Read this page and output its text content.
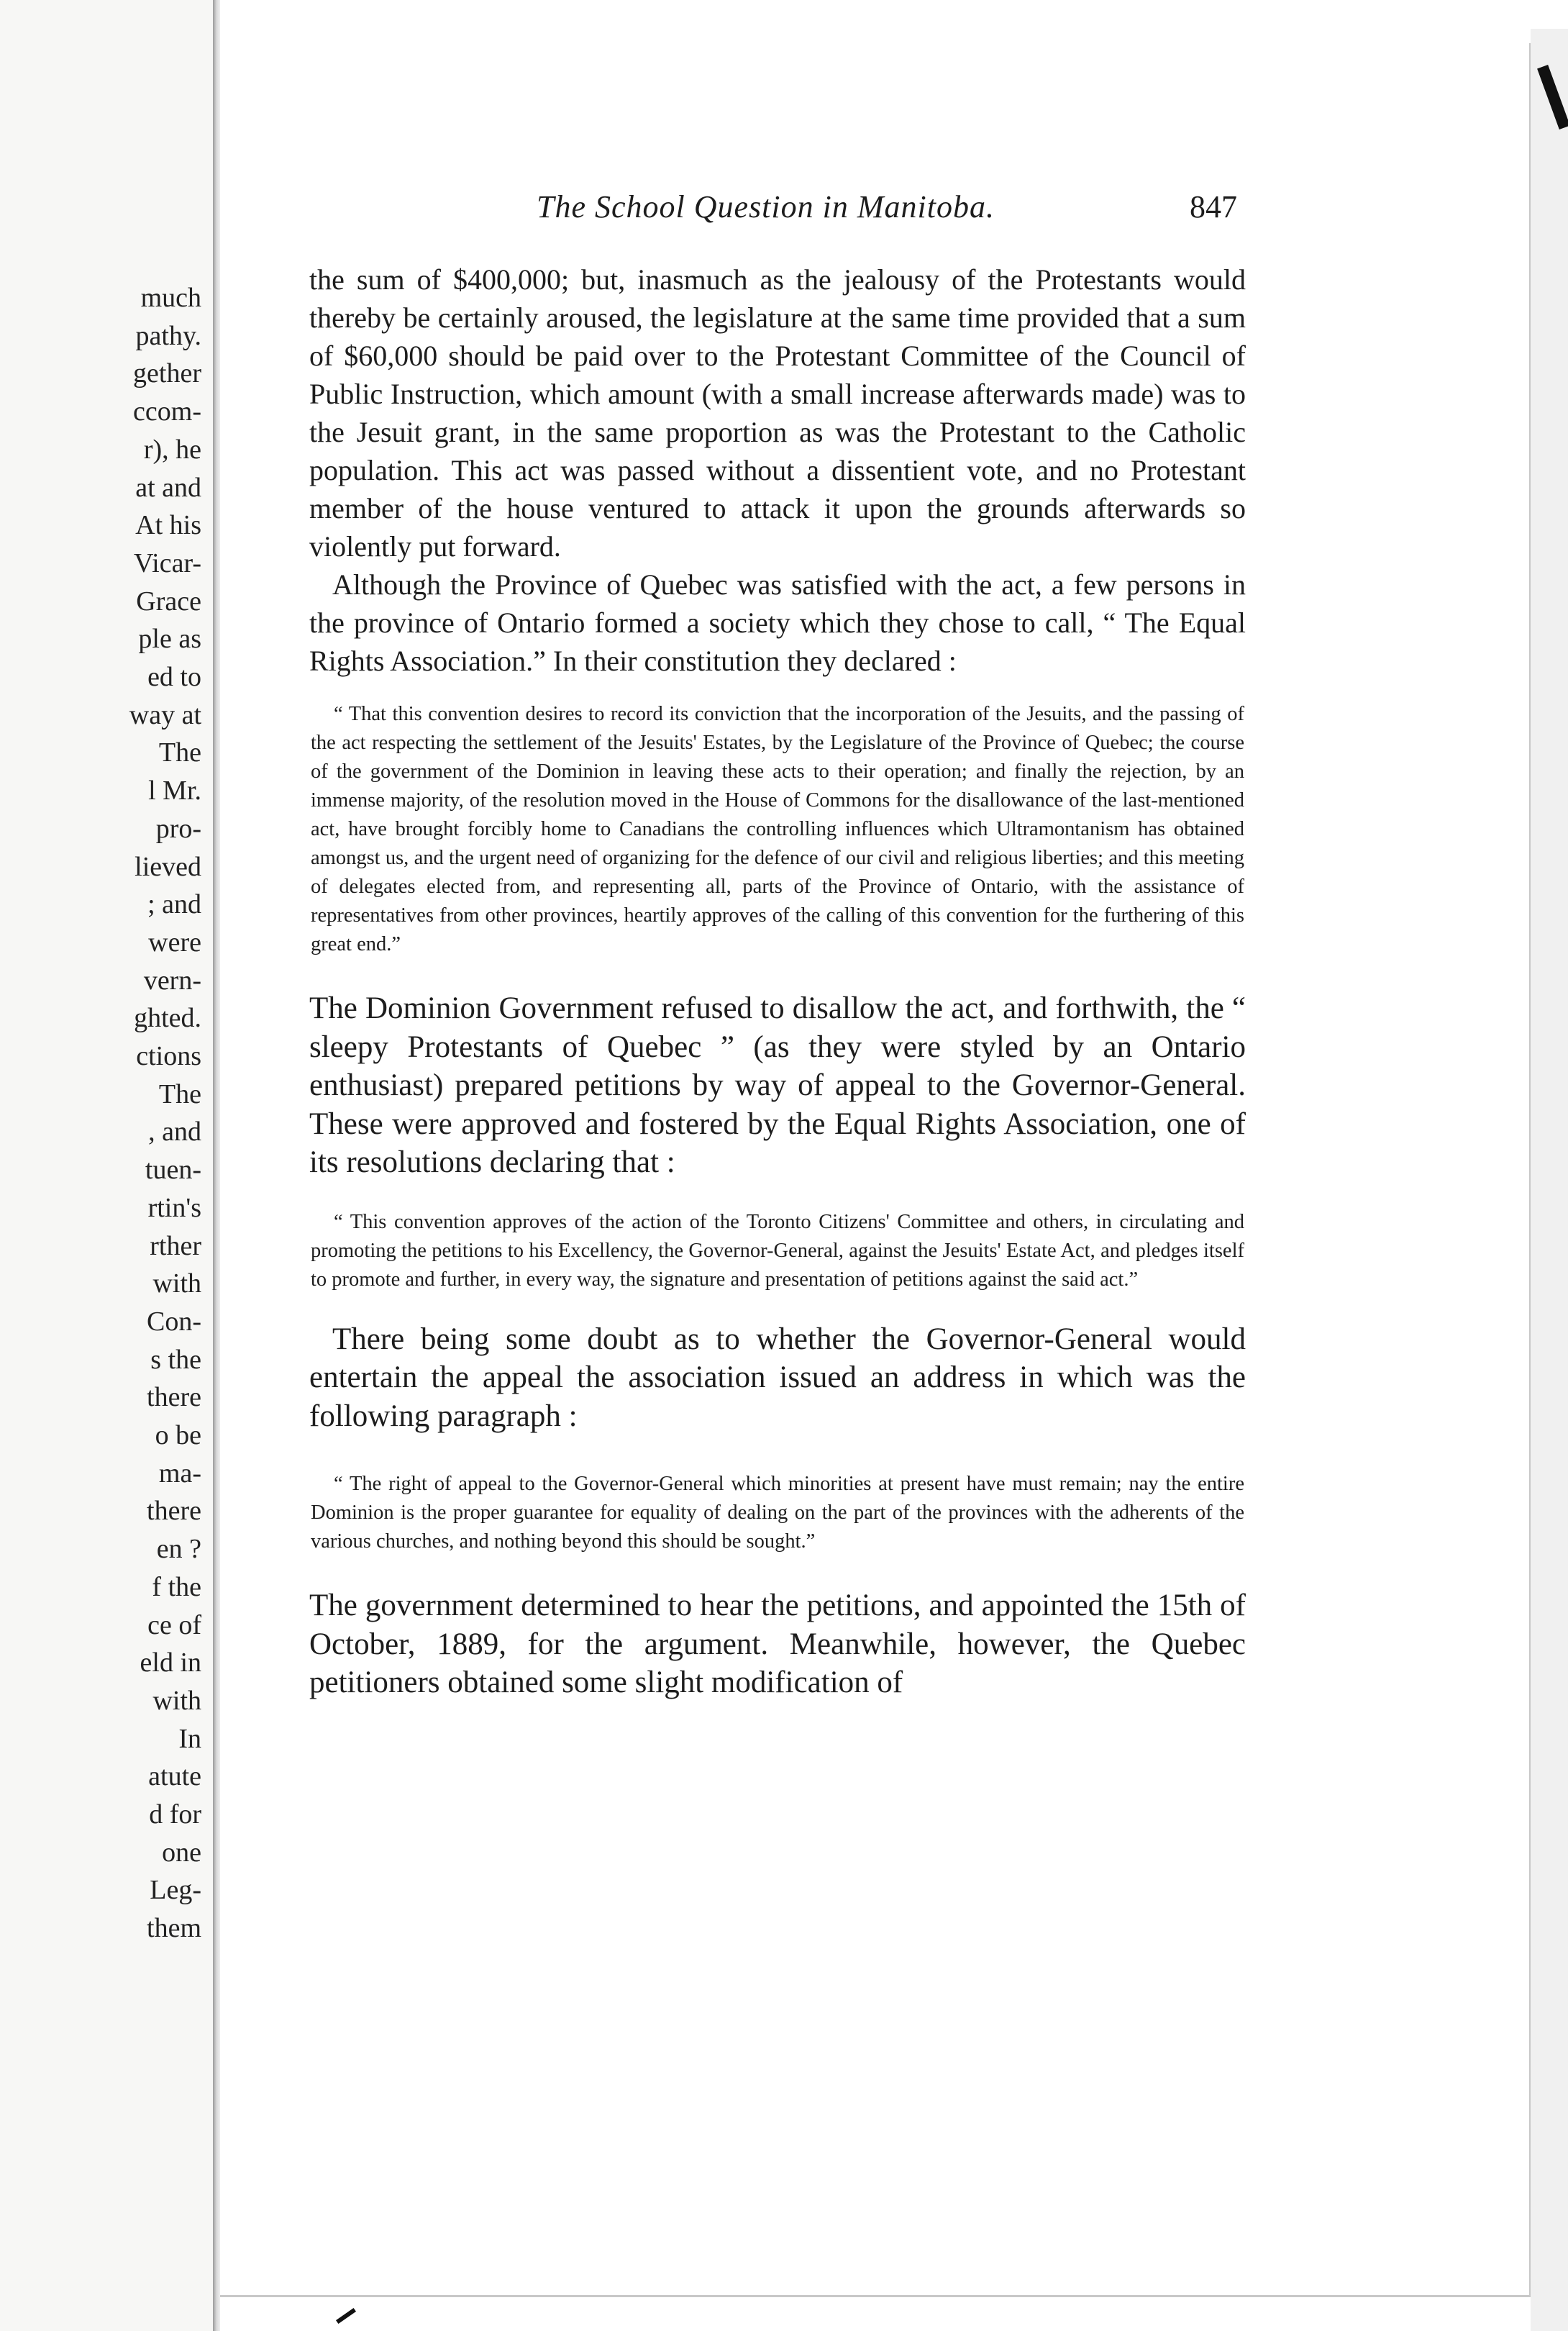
much
pathy.
gether
ccom-
r), he
at and
At his
Vicar-
Grace
ple as
ed to
way at
The
l Mr.
pro-
lieved
; and
were
vern-
ghted.
ctions
The
, and
tuen-
rtin's
rther
with
Con-
s the
there
o be
ma-
there
en ?
f the
ce of
eld in
with
In
atute
d for
one
Leg-
them
The School Question in Manitoba.	847

the sum of $400,000; but, inasmuch as the jealousy of the Protestants would thereby be certainly aroused, the legislature at the same time provided that a sum of $60,000 should be paid over to the Protestant Committee of the Council of Public Instruction, which amount (with a small increase afterwards made) was to the Jesuit grant, in the same proportion as was the Protestant to the Catholic population. This act was passed without a dissentient vote, and no Protestant member of the house ventured to attack it upon the grounds afterwards so violently put forward.

Although the Province of Quebec was satisfied with the act, a few persons in the province of Ontario formed a society which they chose to call, “ The Equal Rights Association.” In their constitution they declared :

“ That this convention desires to record its conviction that the incorporation of the Jesuits, and the passing of the act respecting the settlement of the Jesuits' Estates, by the Legislature of the Province of Quebec; the course of the government of the Dominion in leaving these acts to their operation; and finally the rejection, by an immense majority, of the resolution moved in the House of Commons for the disallowance of the last-mentioned act, have brought forcibly home to Canadians the controlling influences which Ultramontanism has obtained amongst us, and the urgent need of organizing for the defence of our civil and religious liberties; and this meeting of delegates elected from, and representing all, parts of the Province of Ontario, with the assistance of representatives from other provinces, heartily approves of the calling of this convention for the furthering of this great end.”

The Dominion Government refused to disallow the act, and forthwith, the “ sleepy Protestants of Quebec ” (as they were styled by an Ontario enthusiast) prepared petitions by way of appeal to the Governor-General. These were approved and fostered by the Equal Rights Association, one of its resolutions declaring that :

“ This convention approves of the action of the Toronto Citizens' Committee and others, in circulating and promoting the petitions to his Excellency, the Governor-General, against the Jesuits' Estate Act, and pledges itself to promote and further, in every way, the signature and presentation of petitions against the said act.”

There being some doubt as to whether the Governor-General would entertain the appeal the association issued an address in which was the following paragraph :

“ The right of appeal to the Governor-General which minorities at present have must remain; nay the entire Dominion is the proper guarantee for equality of dealing on the part of the provinces with the adherents of the various churches, and nothing beyond this should be sought.”

The government determined to hear the petitions, and appointed the 15th of October, 1889, for the argument. Meanwhile, however, the Quebec petitioners obtained some slight modification of
